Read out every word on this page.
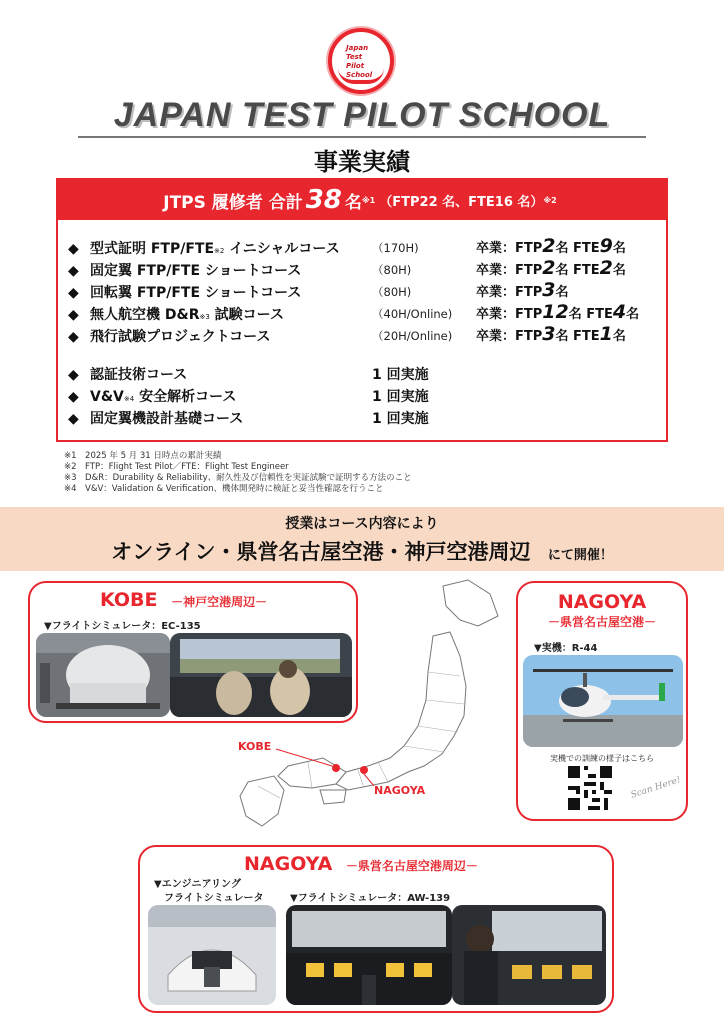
Japan
Test
Pilot
School
JAPAN TEST PILOT SCHOOL
事業実績
JTPS 履修者 合計 38 名 ※1 （FTP22 名、FTE16 名） ※2
◆ 型式証明 FTP/FTE※2 イニシャルコース	（170H)	卒業：FTP2名 FTE9名
◆ 固定翼 FTP/FTE ショートコース	（80H)	卒業：FTP2名 FTE2名
◆ 回転翼 FTP/FTE ショートコース	（80H)	卒業：FTP3名
◆ 無人航空機 D&R※3 試験コース	（40H/Online) 卒業：FTP12名 FTE4名
◆ 飛行試験プロジェクトコース	（20H/Online) 卒業：FTP3名 FTE1名
◆ 認証技術コース	1 回実施
◆ V&V※4 安全解析コース	1 回実施
◆ 固定翼機設計基礎コース	1 回実施
※1　2025 年 5 月 31 日時点の累計実績
※2　FTP：Flight Test Pilot／FTE：Flight Test Engineer
※3　D&R：Durability & Reliability、耐久性及び信頼性を実証試験で証明する方法のこと
※4　V&V：Validation & Verification、機体開発時に検証と妥当性確認を行うこと
授業はコース内容により
オンライン・県営名古屋空港・神戸空港周辺 にて開催！
KOBE －神戸空港周辺－
▼フライトシミュレータ：EC-135
KOBE
NAGOYA
NAGOYA
－県営名古屋空港－
▼実機：R-44
実機での訓練の様子はこちら
Scan Here!
NAGOYA －県営名古屋空港周辺－
▼エンジニアリング
フライトシミュレータ	▼フライトシミュレータ：AW-139
